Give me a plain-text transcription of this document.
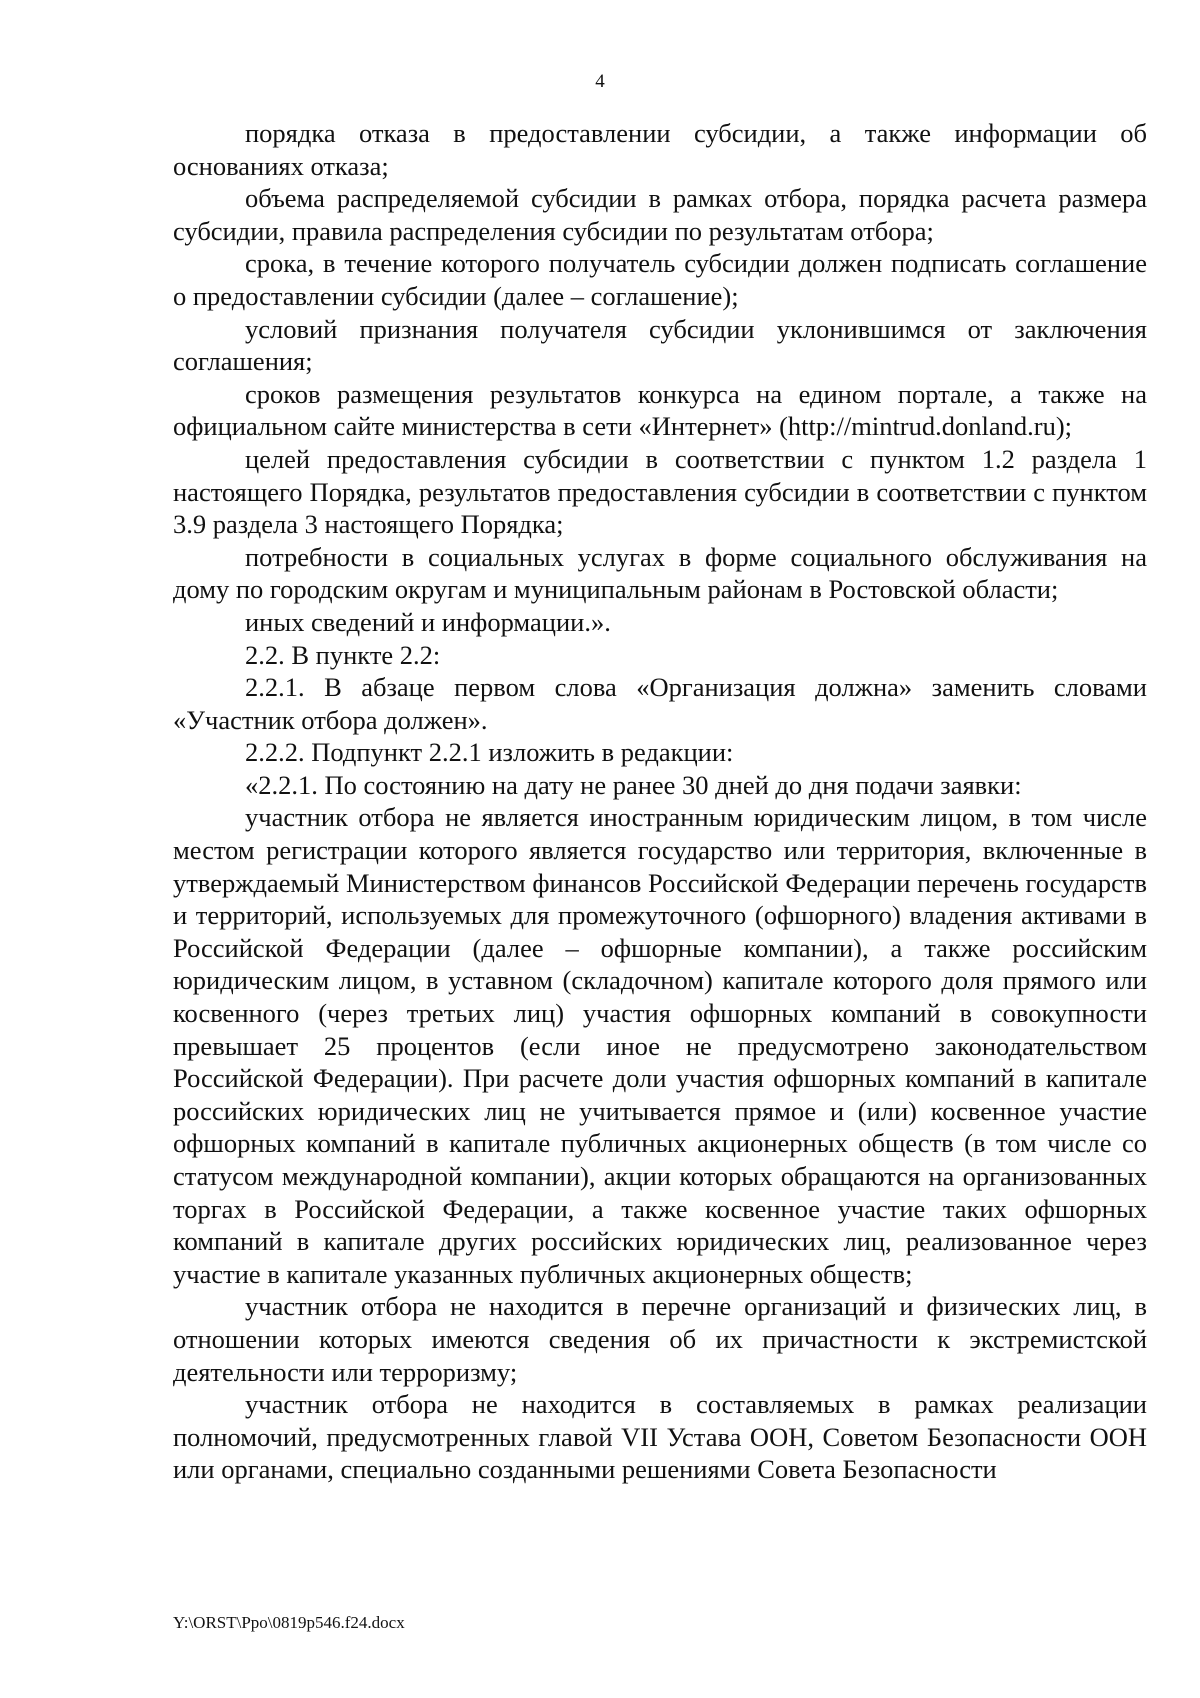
4

порядка отказа в предоставлении субсидии, а также информации об основаниях отказа;

объема распределяемой субсидии в рамках отбора, порядка расчета размера субсидии, правила распределения субсидии по результатам отбора;

срока, в течение которого получатель субсидии должен подписать соглашение о предоставлении субсидии (далее – соглашение);

условий признания получателя субсидии уклонившимся от заключения соглашения;

сроков размещения результатов конкурса на едином портале, а также на официальном сайте министерства в сети «Интернет» (http://mintrud.donland.ru);

целей предоставления субсидии в соответствии с пунктом 1.2 раздела 1 настоящего Порядка, результатов предоставления субсидии в соответствии с пунктом 3.9 раздела 3 настоящего Порядка;

потребности в социальных услугах в форме социального обслуживания на дому по городским округам и муниципальным районам в Ростовской области;

иных сведений и информации.».

2.2. В пункте 2.2:

2.2.1. В абзаце первом слова «Организация должна» заменить словами «Участник отбора должен».

2.2.2. Подпункт 2.2.1 изложить в редакции:

«2.2.1. По состоянию на дату не ранее 30 дней до дня подачи заявки:

участник отбора не является иностранным юридическим лицом, в том числе местом регистрации которого является государство или территория, включенные в утверждаемый Министерством финансов Российской Федерации перечень государств и территорий, используемых для промежуточного (офшорного) владения активами в Российской Федерации (далее – офшорные компании), а также российским юридическим лицом, в уставном (складочном) капитале которого доля прямого или косвенного (через третьих лиц) участия офшорных компаний в совокупности превышает 25 процентов (если иное не предусмотрено законодательством Российской Федерации). При расчете доли участия офшорных компаний в капитале российских юридических лиц не учитывается прямое и (или) косвенное участие офшорных компаний в капитале публичных акционерных обществ (в том числе со статусом международной компании), акции которых обращаются на организованных торгах в Российской Федерации, а также косвенное участие таких офшорных компаний в капитале других российских юридических лиц, реализованное через участие в капитале указанных публичных акционерных обществ;

участник отбора не находится в перечне организаций и физических лиц, в отношении которых имеются сведения об их причастности к экстремистской деятельности или терроризму;

участник отбора не находится в составляемых в рамках реализации полномочий, предусмотренных главой VII Устава ООН, Советом Безопасности ООН или органами, специально созданными решениями Совета Безопасности

Y:\ORST\Ppo\0819p546.f24.docx
